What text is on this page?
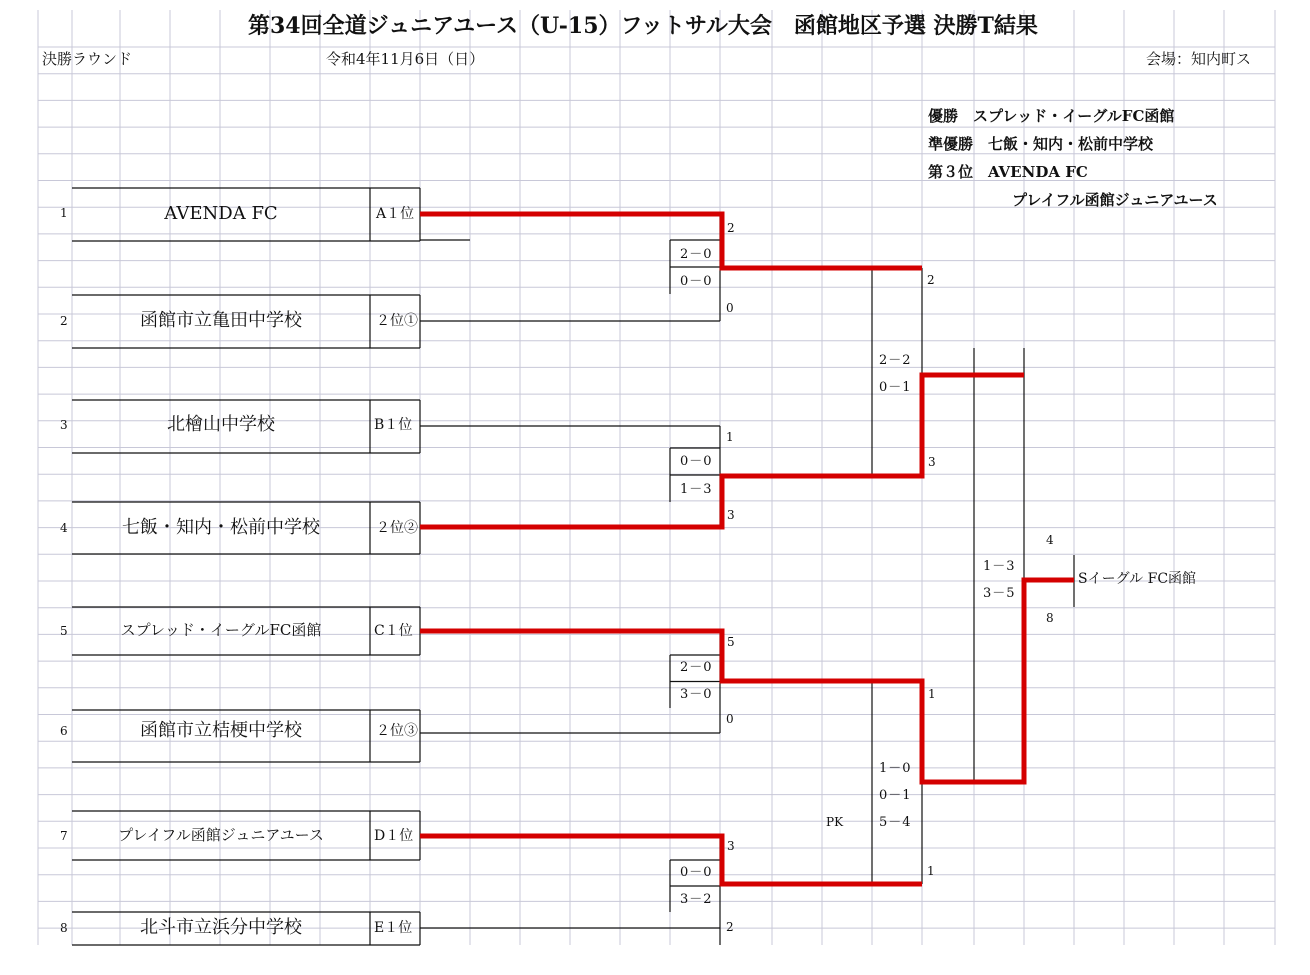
第34回全道ジュニアユース（U-15）フットサル大会　函館地区予選 決勝T結果
決勝ラウンド	令和4年11月6日（日）	会場：知内町ス
優勝　スプレッド・イーグルFC函館
準優勝　七飯・知内・松前中学校
第３位　AVENDA FC
プレイフル函館ジュニアユース
1	AVENDA FC	A１位
2	函館市立亀田中学校	２位①
3	北檜山中学校	B１位
4	七飯・知内・松前中学校	２位②
5	スプレッド・イーグルFC函館	C１位
6	函館市立桔梗中学校	２位③
7	プレイフル函館ジュニアユース	D１位
8	北斗市立浜分中学校	E１位
2
2－0
0－0
0
1
0－0
1－3
3
5
2－0
3－0
0
3
0－0
3－2
2
2
2－2
0－1
3
1
1－0
0－1
PK	5－4
1
4
1－3
3－5
8
Sイーグル FC函館
